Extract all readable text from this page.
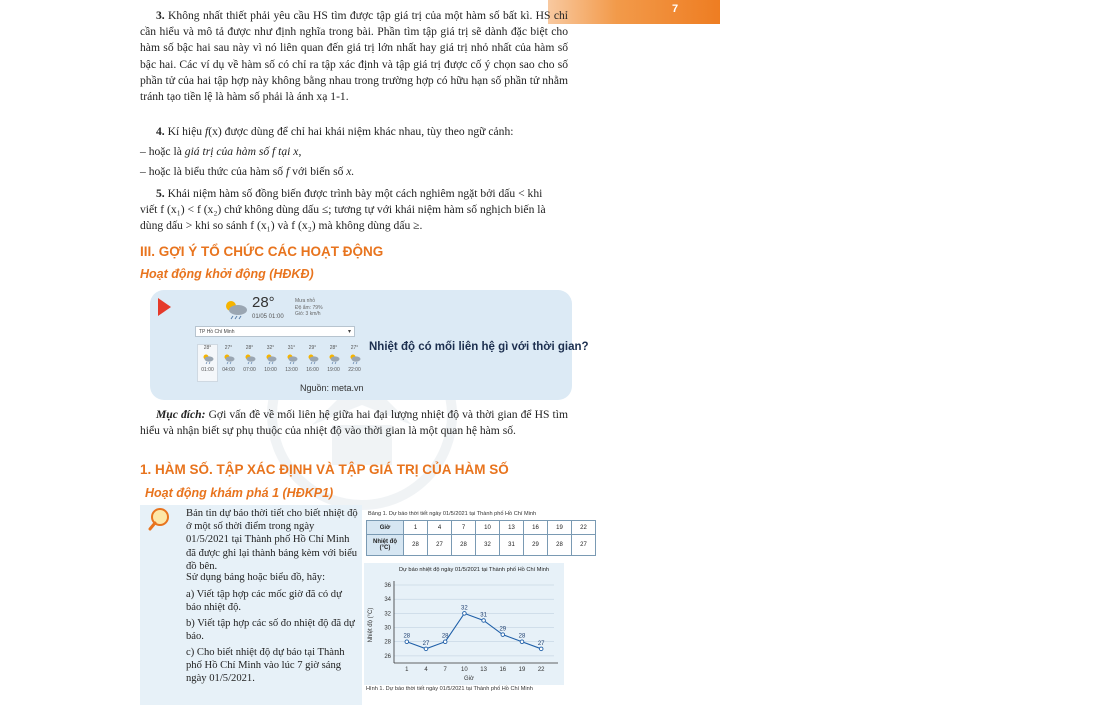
✴ ✴ ✴
7

3. Không nhất thiết phải yêu cầu HS tìm được tập giá trị của một hàm số bất kì. HS chỉ cần hiểu và mô tả được như định nghĩa trong bài. Phần tìm tập giá trị sẽ dành đặc biệt cho hàm số bậc hai sau này vì nó liên quan đến giá trị lớn nhất hay giá trị nhỏ nhất của hàm số bậc hai. Các ví dụ về hàm số có chỉ ra tập xác định và tập giá trị được cố ý chọn sao cho số phần tử của hai tập hợp này không bằng nhau trong trường hợp có hữu hạn số phần tử nhằm tránh tạo tiền lệ là hàm số phải là ánh xạ 1-1.

4. Kí hiệu f(x) được dùng để chỉ hai khái niệm khác nhau, tùy theo ngữ cảnh:

– hoặc là giá trị của hàm số f tại x,

– hoặc là biểu thức của hàm số f với biến số x.

5. Khái niệm hàm số đồng biến được trình bày một cách nghiêm ngặt bởi dấu < khi

viết f (x₁) < f (x₂) chứ không dùng dấu ≤; tương tự với khái niệm hàm số nghịch biến là

dùng dấu > khi so sánh f (x₁) và f (x₂) mà không dùng dấu ≥.

III. GỢI Ý TỔ CHỨC CÁC HOẠT ĐỘNG
Hoạt động khởi động (HĐKĐ)
28°
01/05 01:00
Mưa nhỏ
Độ ẩm: 79%
Gió: 3 km/h
TP Hồ Chí Minh	▾
28°
01:00
27°
04:00
28°
07:00
32°
10:00
31°
13:00
29°
16:00
28°
19:00
27°
22:00
Nhiệt độ có mối liên hệ gì với thời gian?
Nguồn: meta.vn

Mục đích: Gợi vấn đề về mối liên hệ giữa hai đại lượng nhiệt độ và thời gian để HS tìm hiểu và nhận biết sự phụ thuộc của nhiệt độ vào thời gian là một quan hệ hàm số.

1. HÀM SỐ. TẬP XÁC ĐỊNH VÀ TẬP GIÁ TRỊ CỦA HÀM SỐ
Hoạt động khám phá 1 (HĐKP1)

Bản tin dự báo thời tiết cho biết nhiệt độ ở một số thời điểm trong ngày 01/5/2021 tại Thành phố Hồ Chí Minh đã được ghi lại thành bảng kèm với biểu đồ bên.

Sử dụng bảng hoặc biểu đồ, hãy:

a) Viết tập hợp các mốc giờ đã có dự báo nhiệt độ.

b) Viết tập hợp các số đo nhiệt độ đã dự báo.

c) Cho biết nhiệt độ dự báo tại Thành phố Hồ Chí Minh vào lúc 7 giờ sáng ngày 01/5/2021.

Bảng 1. Dự báo thời tiết ngày 01/5/2021 tại Thành phố Hồ Chí Minh
Giờ	1	4	7	10	13	16	19	22
Nhiệt độ (°C)	28	27	28	32	31	29	28	27
Dự báo nhiệt độ ngày 01/5/2021 tại Thành phố Hồ Chí Minh
26
28
30
32
34
36
1	4	7 10 13 16 19 22
Giờ
Nhiệt độ (°C)	28
27
28
32
31
29
28
27
Hình 1. Dự báo thời tiết ngày 01/5/2021 tại Thành phố Hồ Chí Minh
